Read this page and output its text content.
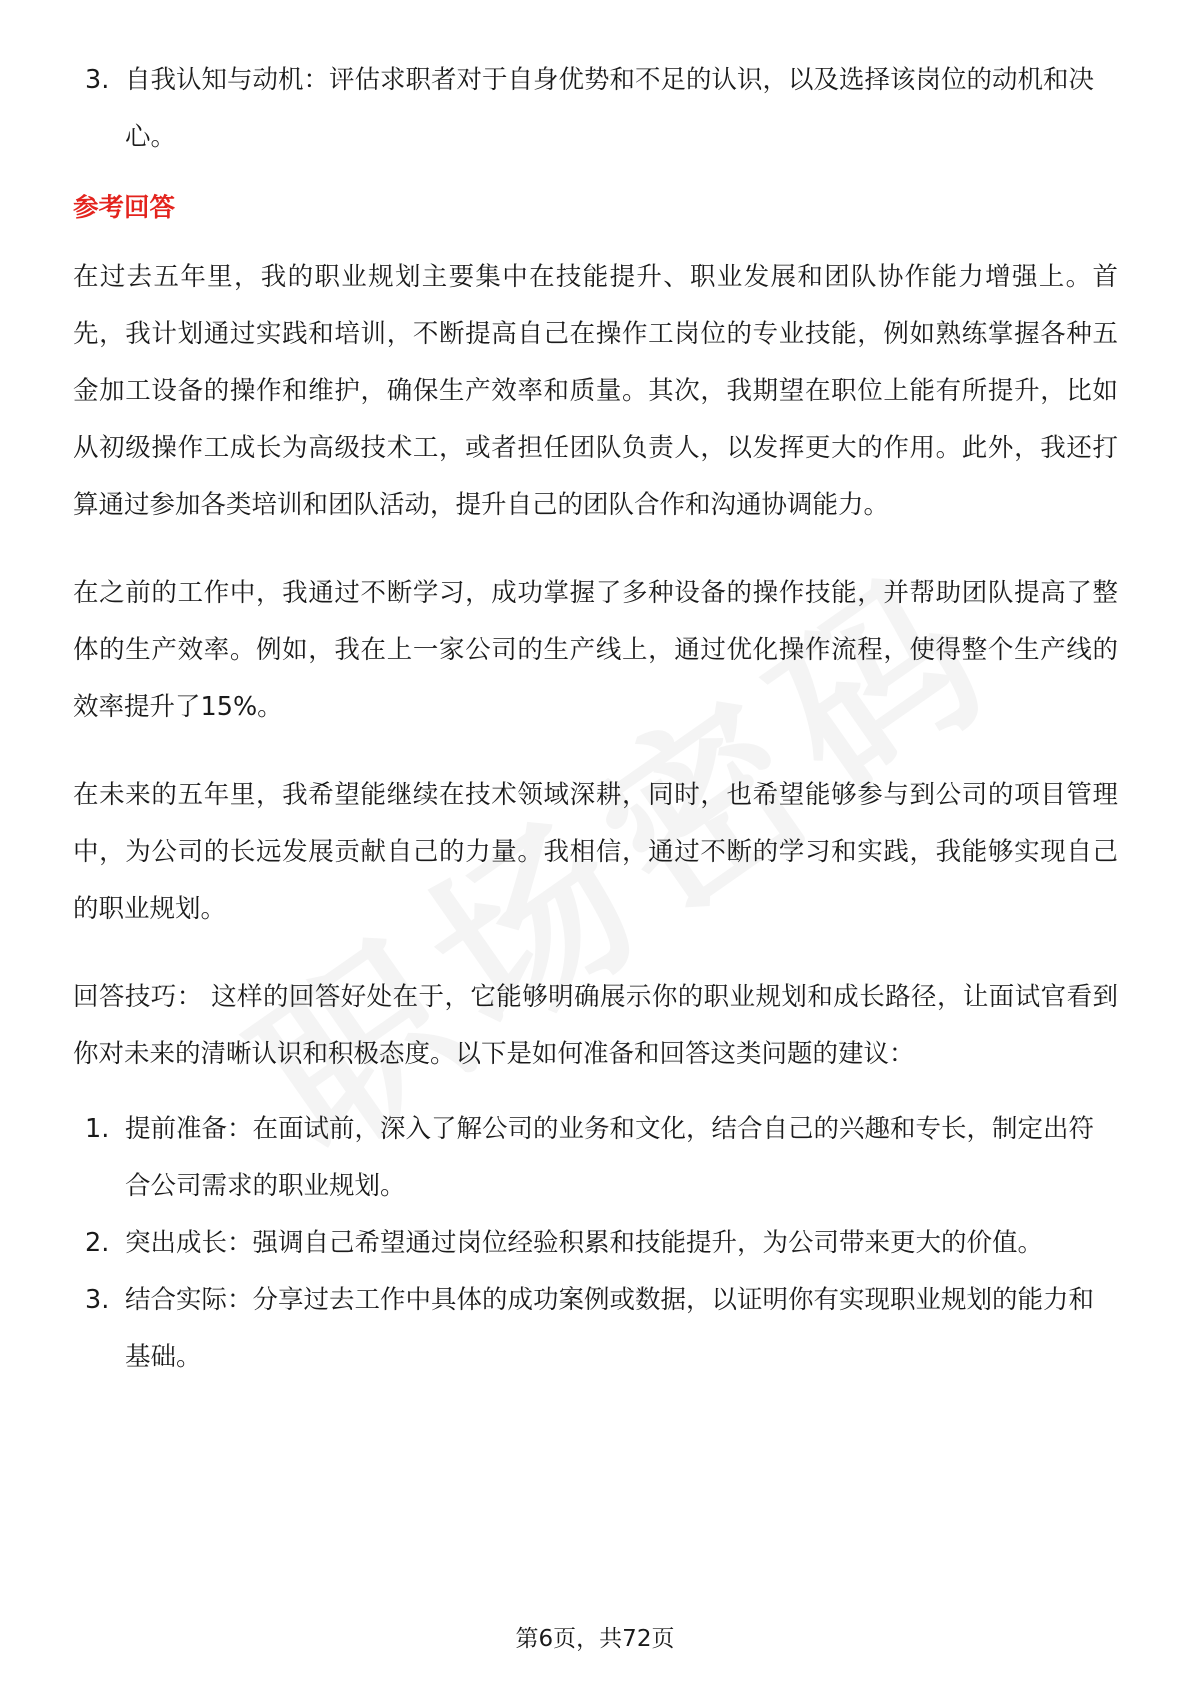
3. 自我认知与动机：评估求职者对于自身优势和不足的认识，以及选择该岗位的动机和决心。
参考回答

在过去五年里，我的职业规划主要集中在技能提升、职业发展和团队协作能力增强上。首先，我计划通过实践和培训，不断提高自己在操作工岗位的专业技能，例如熟练掌握各种五金加工设备的操作和维护，确保生产效率和质量。其次，我期望在职位上能有所提升，比如从初级操作工成长为高级技术工，或者担任团队负责人，以发挥更大的作用。此外，我还打算通过参加各类培训和团队活动，提升自己的团队合作和沟通协调能力。

在之前的工作中，我通过不断学习，成功掌握了多种设备的操作技能，并帮助团队提高了整体的生产效率。例如，我在上一家公司的生产线上，通过优化操作流程，使得整个生产线的效率提升了15%。

在未来的五年里，我希望能继续在技术领域深耕，同时，也希望能够参与到公司的项目管理中，为公司的长远发展贡献自己的力量。我相信，通过不断的学习和实践，我能够实现自己的职业规划。

回答技巧： 这样的回答好处在于，它能够明确展示你的职业规划和成长路径，让面试官看到你对未来的清晰认识和积极态度。以下是如何准备和回答这类问题的建议：

1. 提前准备：在面试前，深入了解公司的业务和文化，结合自己的兴趣和专长，制定出符合公司需求的职业规划。
2. 突出成长：强调自己希望通过岗位经验积累和技能提升，为公司带来更大的价值。
3. 结合实际：分享过去工作中具体的成功案例或数据，以证明你有实现职业规划的能力和基础。
第6页，共72页
